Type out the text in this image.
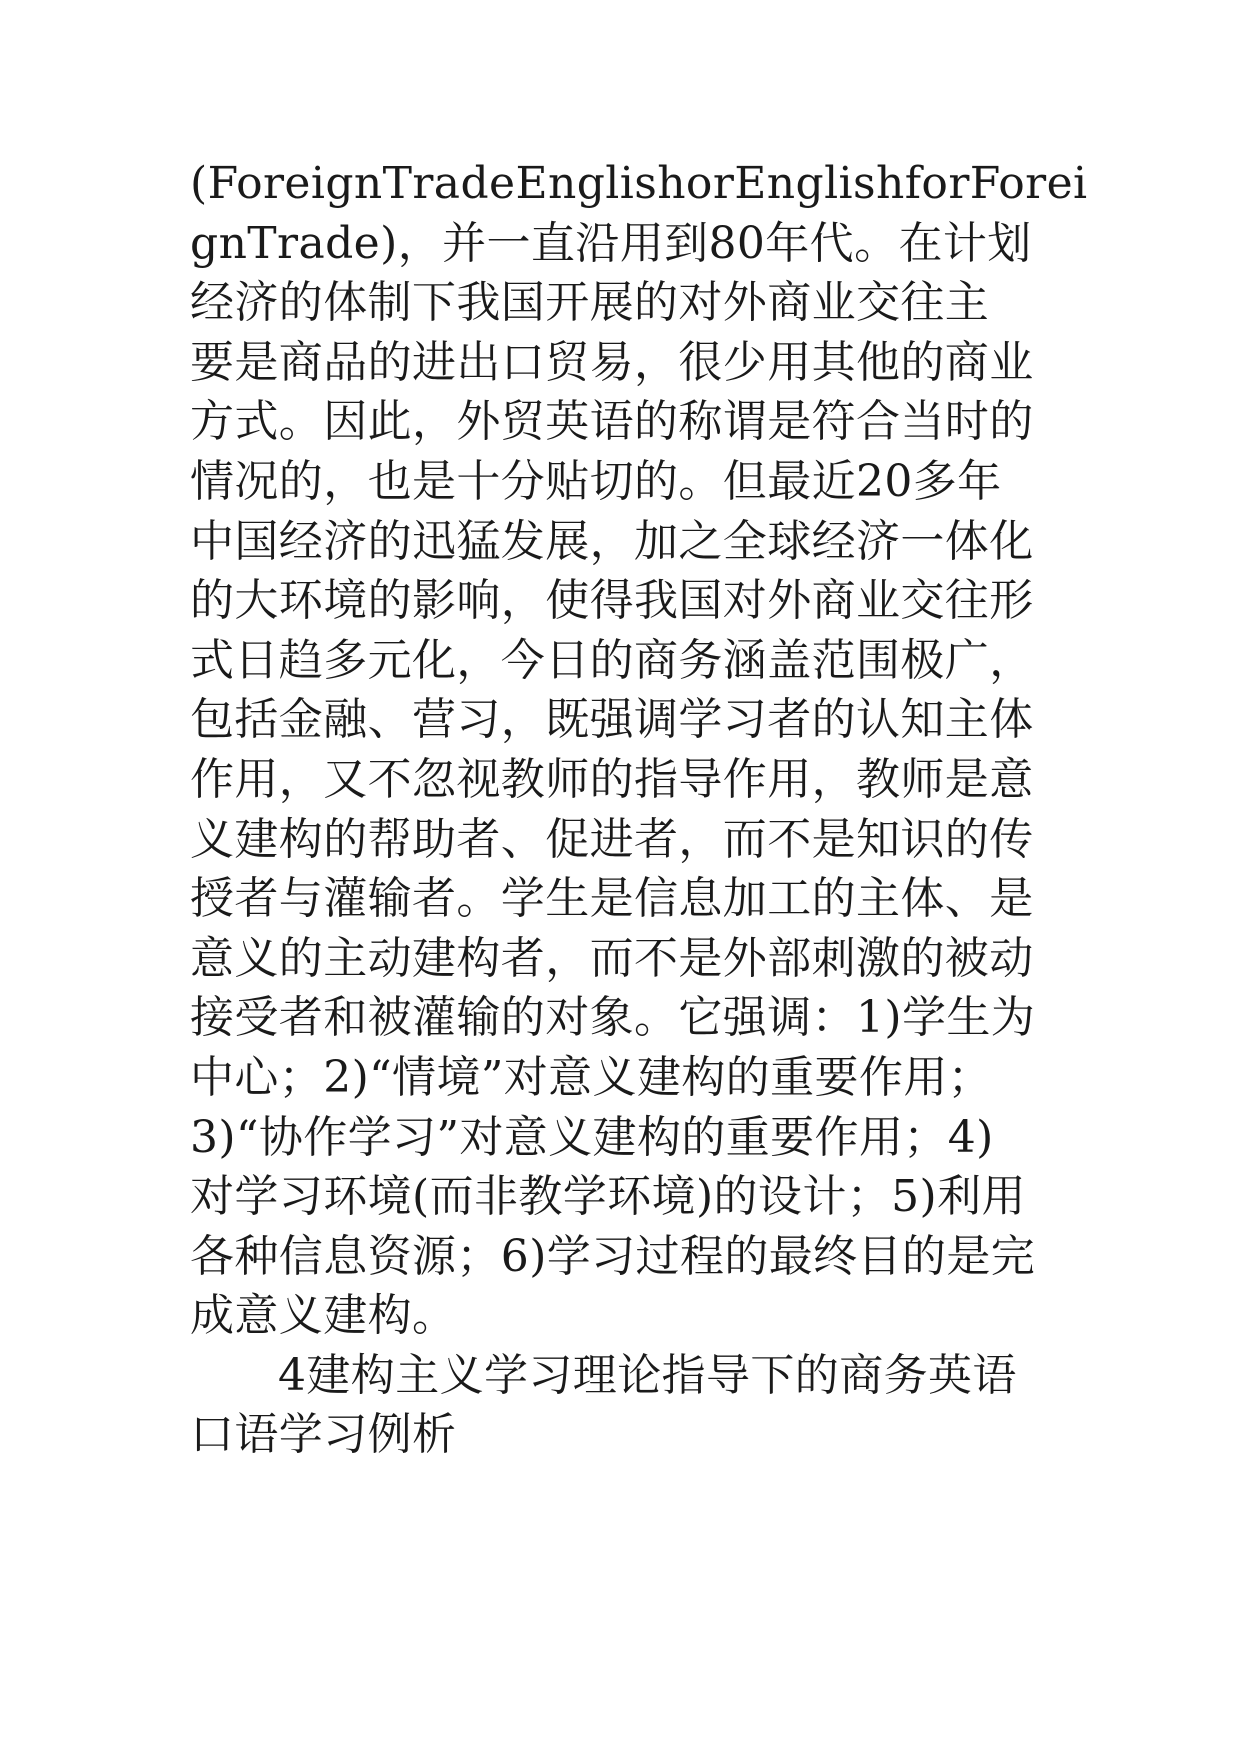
(ForeignTradeEnglishorEnglishforForei
gnTrade)，并一直沿用到80年代。在计划
经济的体制下我国开展的对外商业交往主
要是商品的进出口贸易，很少用其他的商业
方式。因此，外贸英语的称谓是符合当时的
情况的，也是十分贴切的。但最近20多年
中国经济的迅猛发展，加之全球经济一体化
的大环境的影响，使得我国对外商业交往形
式日趋多元化，今日的商务涵盖范围极广，
包括金融、营习，既强调学习者的认知主体
作用，又不忽视教师的指导作用，教师是意
义建构的帮助者、促进者，而不是知识的传
授者与灌输者。学生是信息加工的主体、是
意义的主动建构者，而不是外部刺激的被动
接受者和被灌输的对象。它强调：1)学生为
中心；2)“情境”对意义建构的重要作用；
3)“协作学习”对意义建构的重要作用；4)
对学习环境(而非教学环境)的设计；5)利用
各种信息资源；6)学习过程的最终目的是完
成意义建构。
4建构主义学习理论指导下的商务英语
口语学习例析
